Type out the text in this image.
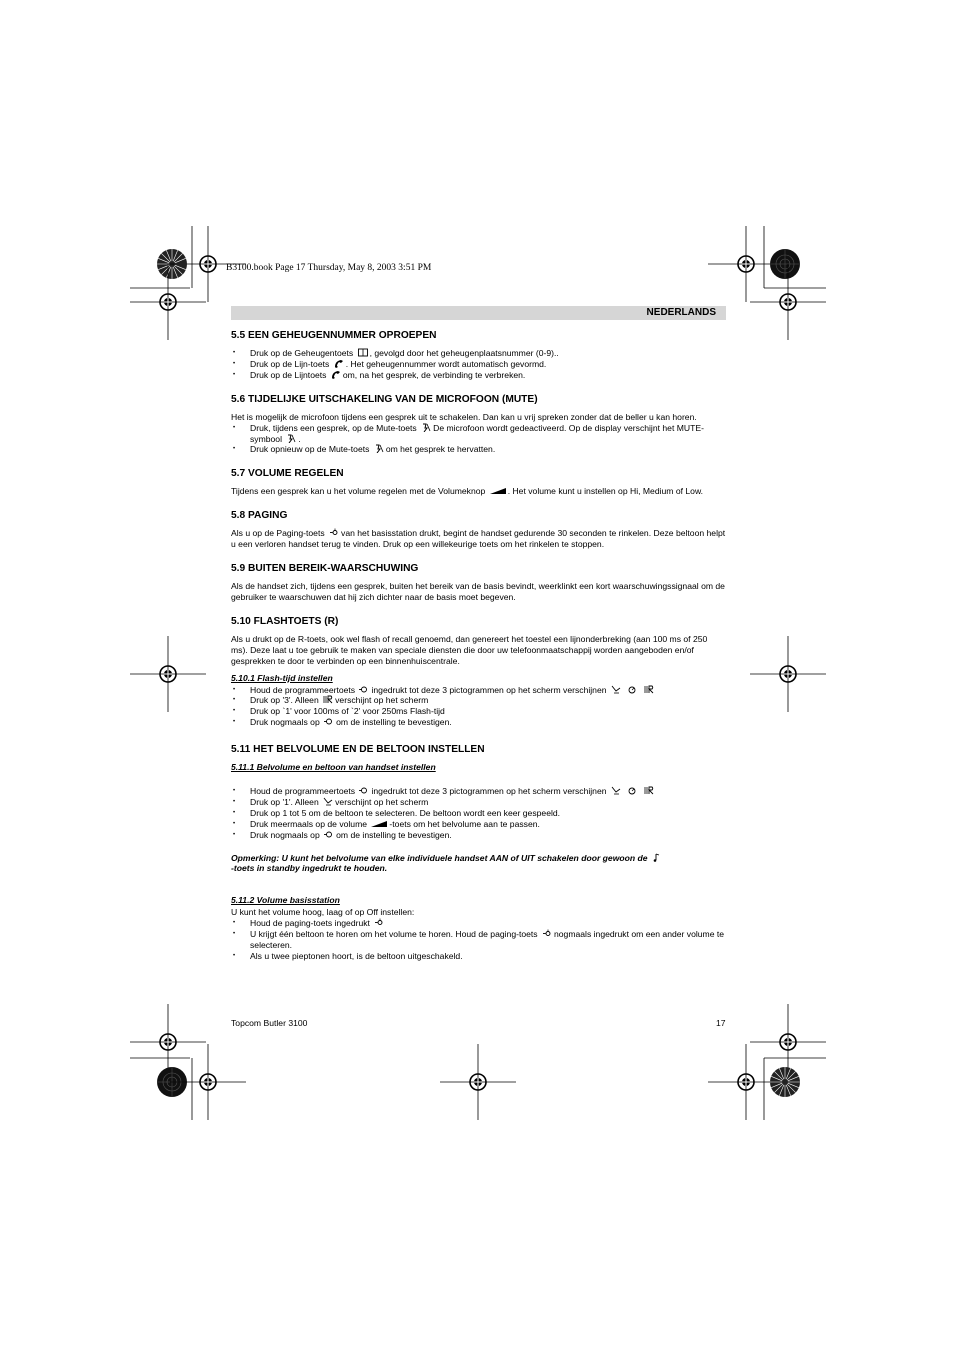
B3100.book Page 17 Thursday, May 8, 2003 3:51 PM
NEDERLANDS
5.5 EEN GEHEUGENNUMMER OPROEPEN
• Druk op de Geheugentoets , gevolgd door het geheugenplaatsnummer (0-9)..
• Druk op de Lijn-toets . Het geheugennummer wordt automatisch gevormd.
• Druk op de Lijntoets om, na het gesprek, de verbinding te verbreken.
5.6 TIJDELIJKE UITSCHAKELING VAN DE MICROFOON (MUTE)

Het is mogelijk de microfoon tijdens een gesprek uit te schakelen. Dan kan u vrij spreken zonder dat de beller u kan horen.

• Druk, tijdens een gesprek, op de Mute-toets De microfoon wordt gedeactiveerd. Op de display verschijnt het MUTE-symbool .
• Druk opnieuw op de Mute-toets om het gesprek te hervatten.
5.7 VOLUME REGELEN

Tijdens een gesprek kan u het volume regelen met de Volumeknop	. Het volume kunt u instellen op Hi, Medium of Low.

5.8 PAGING

Als u op de Paging-toets van het basisstation drukt, begint de handset gedurende 30 seconden te rinkelen. Deze beltoon helpt u een verloren handset terug te vinden. Druk op een willekeurige toets om het rinkelen te stoppen.

5.9 BUITEN BEREIK-WAARSCHUWING

Als de handset zich, tijdens een gesprek, buiten het bereik van de basis bevindt, weerklinkt een kort waarschuwingssignaal om de gebruiker te waarschuwen dat hij zich dichter naar de basis moet begeven.

5.10 FLASHTOETS (R)

Als u drukt op de R-toets, ook wel flash of recall genoemd, dan genereert het toestel een lijnonderbreking (aan 100 ms of 250 ms). Deze laat u toe gebruik te maken van speciale diensten die door uw telefoonmaatschappij worden aangeboden en/of gesprekken te door te verbinden op een binnenhuiscentrale.

5.10.1 Flash-tijd instellen
• Houd de programmeertoets ingedrukt tot deze 3 pictogrammen op het scherm verschijnen
• Druk op '3'. Alleen verschijnt op het scherm
• Druk op `1' voor 100ms of `2' voor 250ms Flash-tijd
• Druk nogmaals op om de instelling te bevestigen.
5.11 HET BELVOLUME EN DE BELTOON INSTELLEN
5.11.1 Belvolume en beltoon van handset instellen
• Houd de programmeertoets ingedrukt tot deze 3 pictogrammen op het scherm verschijnen
• Druk op '1'. Alleen verschijnt op het scherm
• Druk op 1 tot 5 om de beltoon te selecteren. De beltoon wordt een keer gespeeld.
• Druk meermaals op de volume	-toets om het belvolume aan te passen.
• Druk nogmaals op om de instelling te bevestigen.

Opmerking: U kunt het belvolume van elke individuele handset AAN of UIT schakelen door gewoon de
-toets in standby ingedrukt te houden.

5.11.2 Volume basisstation

U kunt het volume hoog, laag of op Off instellen:

• Houd de paging-toets ingedrukt
• U krijgt één beltoon te horen om het volume te horen. Houd de paging-toets nogmaals ingedrukt om een ander volume te selecteren.
• Als u twee pieptonen hoort, is de beltoon uitgeschakeld.
Topcom Butler 3100	17
